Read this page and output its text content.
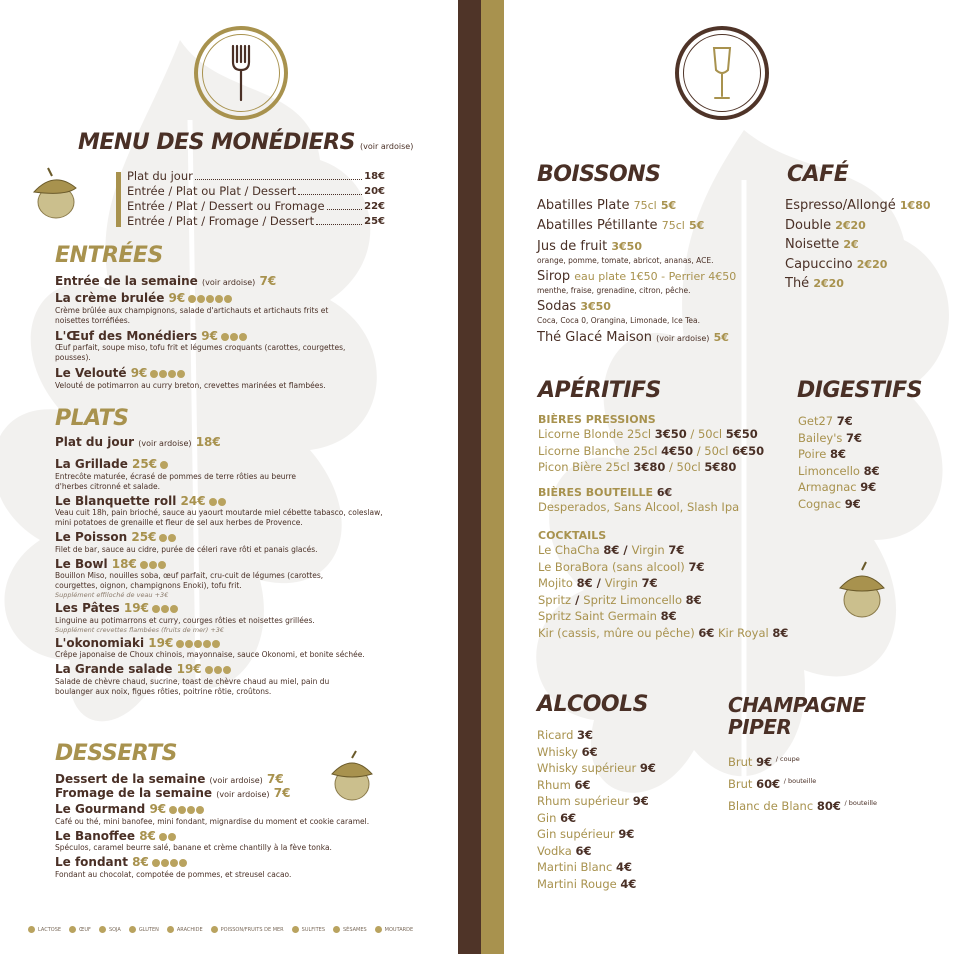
MENU DES MONÉDIERS (voir ardoise)
Plat du jour	18€
Entrée / Plat ou Plat / Dessert	20€
Entrée / Plat / Dessert ou Fromage	22€
Entrée / Plat / Fromage / Dessert	25€
ENTRÉES
Entrée de la semaine (voir ardoise) 7€
La crème brulée 9€
Crème brûlée aux champignons, salade d'artichauts et artichauts frits et noisettes torréfiées.
L'Œuf des Monédiers 9€
Œuf parfait, soupe miso, tofu frit et légumes croquants (carottes, courgettes, pousses).
Le Velouté 9€
Velouté de potimarron au curry breton, crevettes marinées et flambées.
PLATS
Plat du jour (voir ardoise) 18€
La Grillade 25€
Entrecôte maturée, écrasé de pommes de terre rôties au beurre d'herbes citronné et salade.
Le Blanquette roll 24€
Veau cuit 18h, pain brioché, sauce au yaourt moutarde miel cébette tabasco, coleslaw, mini potatoes de grenaille et fleur de sel aux herbes de Provence.
Le Poisson 25€
Filet de bar, sauce au cidre, purée de céleri rave rôti et panais glacés.
Le Bowl 18€
Bouillon Miso, nouilles soba, œuf parfait, cru-cuit de légumes (carottes, courgettes, oignon, champignons Enoki), tofu frit.
Supplément effiloché de veau +3€
Les Pâtes 19€
Linguine au potimarrons et curry, courges rôties et noisettes grillées.
Supplément crevettes flambées (fruits de mer) +3€
L'okonomiaki 19€
Crêpe japonaise de Choux chinois, mayonnaise, sauce Okonomi, et bonite séchée.
La Grande salade 19€
Salade de chèvre chaud, sucrine, toast de chèvre chaud au miel, pain du boulanger aux noix, figues rôties, poitrine rôtie, croûtons.
DESSERTS
Dessert de la semaine (voir ardoise) 7€
Fromage de la semaine (voir ardoise) 7€
Le Gourmand 9€
Café ou thé, mini banofee, mini fondant, mignardise du moment et cookie caramel.
Le Banoffee 8€
Spéculos, caramel beurre salé, banane et crème chantilly à la fève tonka.
Le fondant 8€
Fondant au chocolat, compotée de pommes, et streusel cacao.
LACTOSE	ŒUF	SOJA	GLUTEN	ARACHIDE	POISSON/FRUITS DE MER	SULFITES	SÉSAMES	MOUTARDE
BOISSONS
Abatilles Plate 75cl 5€
Abatilles Pétillante 75cl 5€
Jus de fruit 3€50
orange, pomme, tomate, abricot, ananas, ACE.
Sirop eau plate 1€50 - Perrier 4€50
menthe, fraise, grenadine, citron, pêche.
Sodas 3€50
Coca, Coca 0, Orangina, Limonade, Ice Tea.
Thé Glacé Maison (voir ardoise) 5€
CAFÉ
Espresso/Allongé 1€80
Double 2€20
Noisette 2€
Capuccino 2€20
Thé 2€20
APÉRITIFS
BIÈRES PRESSIONS
Licorne Blonde 25cl 3€50 / 50cl 5€50
Licorne Blanche 25cl 4€50 / 50cl 6€50
Picon Bière 25cl 3€80 / 50cl 5€80
BIÈRES BOUTEILLE 6€
Desperados, Sans Alcool, Slash Ipa
COCKTAILS
Le ChaCha 8€ / Virgin 7€
Le BoraBora (sans alcool) 7€
Mojito 8€ / Virgin 7€
Spritz / Spritz Limoncello 8€
Spritz Saint Germain 8€
Kir (cassis, mûre ou pêche) 6€ Kir Royal 8€
DIGESTIFS
Get27 7€
Bailey's 7€
Poire 8€
Limoncello 8€
Armagnac 9€
Cognac 9€
ALCOOLS
Ricard 3€
Whisky 6€
Whisky supérieur 9€
Rhum 6€
Rhum supérieur 9€
Gin 6€
Gin supérieur 9€
Vodka 6€
Martini Blanc 4€
Martini Rouge 4€
CHAMPAGNE
PIPER
Brut 9€ $^{/ coupe}$
Brut 60€ $^{/ bouteille}$
Blanc de Blanc 80€ $^{/ bouteille}$
